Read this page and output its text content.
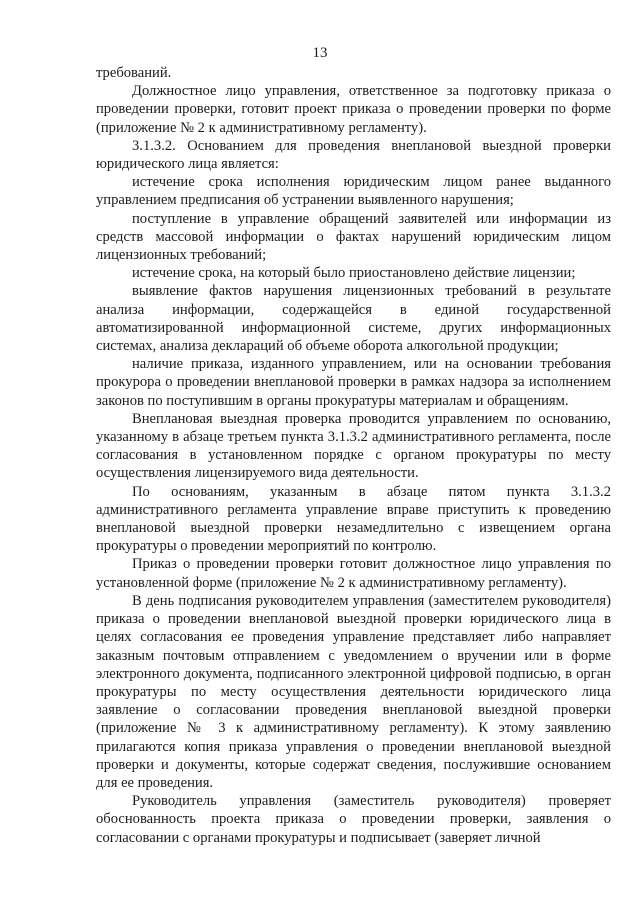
13

требований.

Должностное лицо управления, ответственное за подготовку приказа о проведении проверки, готовит проект приказа о проведении проверки по форме (приложение № 2 к административному регламенту).

3.1.3.2. Основанием для проведения внеплановой выездной проверки юридического лица является:

истечение срока исполнения юридическим лицом ранее выданного управлением предписания об устранении выявленного нарушения;

поступление в управление обращений заявителей или информации из средств массовой информации о фактах нарушений юридическим лицом лицензионных требований;

истечение срока, на который было приостановлено действие лицензии;

выявление фактов нарушения лицензионных требований в результате анализа информации, содержащейся в единой государственной автоматизированной информационной системе, других информационных системах, анализа деклараций об объеме оборота алкогольной продукции;

наличие приказа, изданного управлением, или на основании требования прокурора о проведении внеплановой проверки в рамках надзора за исполнением законов по поступившим в органы прокуратуры материалам и обращениям.

Внеплановая выездная проверка проводится управлением по основанию, указанному в абзаце третьем пункта 3.1.3.2 административного регламента, после согласования в установленном порядке с органом прокуратуры по месту осуществления лицензируемого вида деятельности.

По основаниям, указанным в абзаце пятом пункта 3.1.3.2 административного регламента управление вправе приступить к проведению внеплановой выездной проверки незамедлительно с извещением органа прокуратуры о проведении мероприятий по контролю.

Приказ о проведении проверки готовит должностное лицо управления по установленной форме (приложение № 2 к административному регламенту).

В день подписания руководителем управления (заместителем руководителя) приказа о проведении внеплановой выездной проверки юридического лица в целях согласования ее проведения управление представляет либо направляет заказным почтовым отправлением с уведомлением о вручении или в форме электронного документа, подписанного электронной цифровой подписью, в орган прокуратуры по месту осуществления деятельности юридического лица заявление о согласовании проведения внеплановой выездной проверки (приложение № 3 к административному регламенту). К этому заявлению прилагаются копия приказа управления о проведении внеплановой выездной проверки и документы, которые содержат сведения, послужившие основанием для ее проведения.

Руководитель управления (заместитель руководителя) проверяет обоснованность проекта приказа о проведении проверки, заявления о согласовании с органами прокуратуры и подписывает (заверяет личной
